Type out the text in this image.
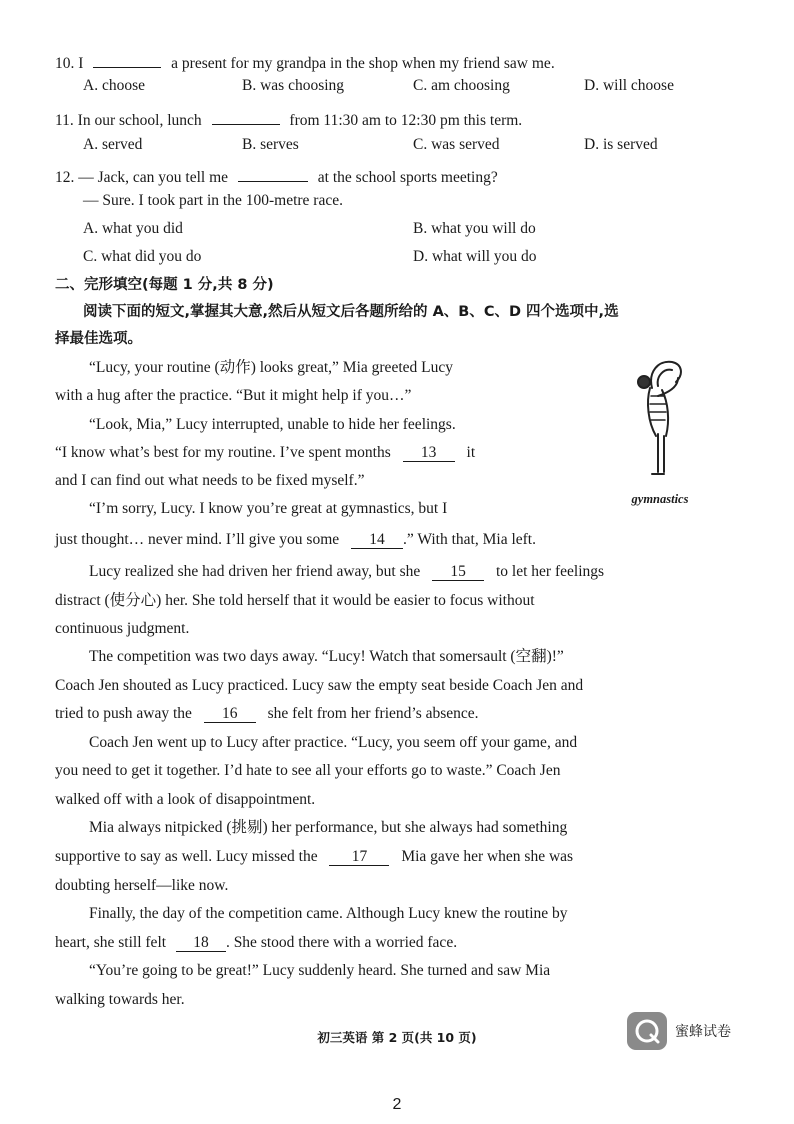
10. I	a present for my grandpa in the shop when my friend saw me.
A. choose	B. was choosing	C. am choosing	D. will choose
11. In our school, lunch	from 11:30 am to 12:30 pm this term.
A. served	B. serves	C. was served	D. is served
12. — Jack, can you tell me	at the school sports meeting?
— Sure. I took part in the 100-metre race.
A. what you did	B. what you will do
C. what did you do	D. what will you do
二、完形填空(每题 1 分,共 8 分)
阅读下面的短文,掌握其大意,然后从短文后各题所给的 A、B、C、D 四个选项中,选
择最佳选项。
gymnastics
“Lucy, your routine (动作) looks great,” Mia greeted Lucy
with a hug after the practice. “But it might help if you…”
“Look, Mia,” Lucy interrupted, unable to hide her feelings.
“I know what’s best for my routine. I’ve spent months 13 it
and I can find out what needs to be fixed myself.”
“I’m sorry, Lucy. I know you’re great at gymnastics, but I
just thought… never mind. I’ll give you some 14 .” With that, Mia left.
Lucy realized she had driven her friend away, but she 15 to let her feelings
distract (使分心) her. She told herself that it would be easier to focus without
continuous judgment.
The competition was two days away. “Lucy! Watch that somersault (空翻)!”
Coach Jen shouted as Lucy practiced. Lucy saw the empty seat beside Coach Jen and
tried to push away the 16 she felt from her friend’s absence.
Coach Jen went up to Lucy after practice. “Lucy, you seem off your game, and
you need to get it together. I’d hate to see all your efforts go to waste.” Coach Jen
walked off with a look of disappointment.
Mia always nitpicked (挑剔) her performance, but she always had something
supportive to say as well. Lucy missed the 17 Mia gave her when she was
doubting herself—like now.
Finally, the day of the competition came. Although Lucy knew the routine by
heart, she still felt 18 . She stood there with a worried face.
“You’re going to be great!” Lucy suddenly heard. She turned and saw Mia
walking towards her.
初三英语 第 2 页(共 10 页)	蜜蜂试卷
2
